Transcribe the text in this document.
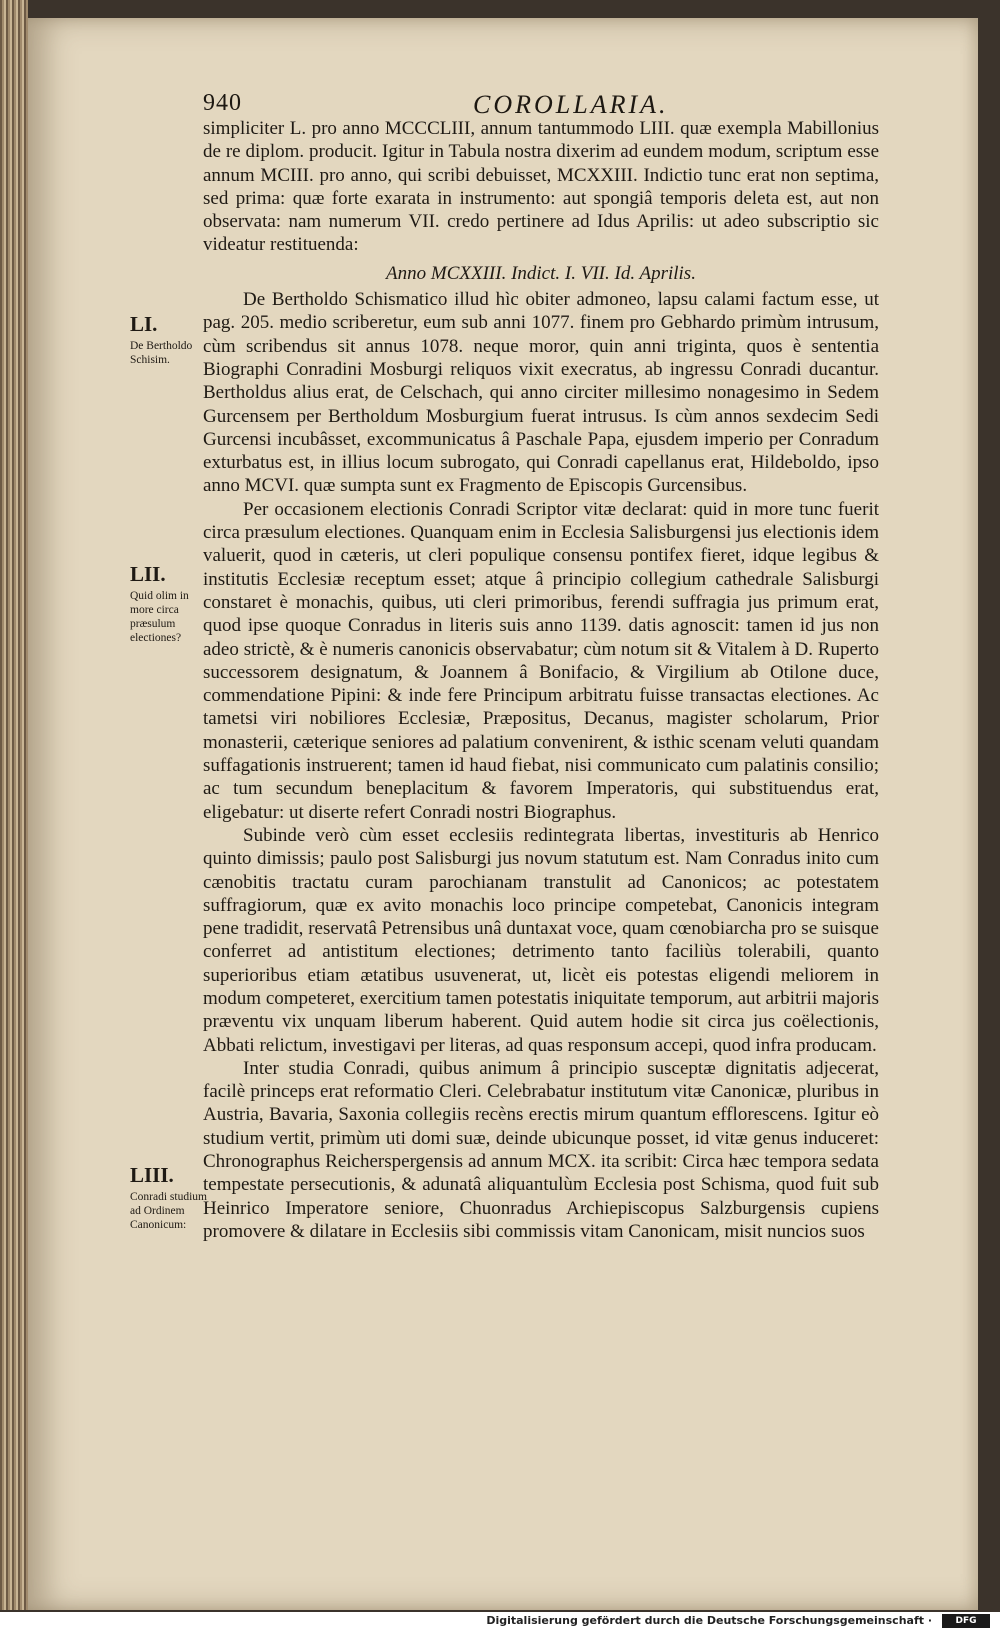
940	COROLLARIA.
LI.
De Bertholdo Schisim.
LII.
Quid olim in more circa præsulum electiones?
LIII.
Conradi studium ad Ordinem Canonicum:

simpliciter L. pro anno MCCCLIII, annum tantummodo LIII. quæ exempla Mabillonius de re diplom. producit. Igitur in Tabula nostra dixerim ad eundem modum, scriptum esse annum MCIII. pro anno, qui scribi debuisset, MCXXIII. Indictio tunc erat non septima, sed prima: quæ forte exarata in instrumento: aut spongiâ temporis deleta est, aut non observata: nam numerum VII. credo pertinere ad Idus Aprilis: ut adeo subscriptio sic videatur restituenda:

Anno MCXXIII. Indict. I. VII. Id. Aprilis.

De Bertholdo Schismatico illud hìc obiter admoneo, lapsu calami factum esse, ut pag. 205. medio scriberetur, eum sub anni 1077. finem pro Gebhardo primùm intrusum, cùm scribendus sit annus 1078. neque moror, quin anni triginta, quos è sententia Biographi Conradini Mosburgi reliquos vixit execratus, ab ingressu Conradi ducantur. Bertholdus alius erat, de Celschach, qui anno circiter millesimo nonagesimo in Sedem Gurcensem per Bertholdum Mosburgium fuerat intrusus. Is cùm annos sexdecim Sedi Gurcensi incubâsset, excommunicatus â Paschale Papa, ejusdem imperio per Conradum exturbatus est, in illius locum subrogato, qui Conradi capellanus erat, Hildeboldo, ipso anno MCVI. quæ sumpta sunt ex Fragmento de Episcopis Gurcensibus.

Per occasionem electionis Conradi Scriptor vitæ declarat: quid in more tunc fuerit circa præsulum electiones. Quanquam enim in Ecclesia Salisburgensi jus electionis idem valuerit, quod in cæteris, ut cleri populique consensu pontifex fieret, idque legibus & institutis Ecclesiæ receptum esset; atque â principio collegium cathedrale Salisburgi constaret è monachis, quibus, uti cleri primoribus, ferendi suffragia jus primum erat, quod ipse quoque Conradus in literis suis anno 1139. datis agnoscit: tamen id jus non adeo strictè, & è numeris canonicis observabatur; cùm notum sit & Vitalem à D. Ruperto successorem designatum, & Joannem â Bonifacio, & Virgilium ab Otilone duce, commendatione Pipini: & inde fere Principum arbitratu fuisse transactas electiones. Ac tametsi viri nobiliores Ecclesiæ, Præpositus, Decanus, magister scholarum, Prior monasterii, cæterique seniores ad palatium convenirent, & isthic scenam veluti quandam suffagationis instruerent; tamen id haud fiebat, nisi communicato cum palatinis consilio; ac tum secundum beneplacitum & favorem Imperatoris, qui substituendus erat, eligebatur: ut diserte refert Conradi nostri Biographus.

Subinde verò cùm esset ecclesiis redintegrata libertas, investituris ab Henrico quinto dimissis; paulo post Salisburgi jus novum statutum est. Nam Conradus inito cum cænobitis tractatu curam parochianam transtulit ad Canonicos; ac potestatem suffragiorum, quæ ex avito monachis loco principe competebat, Canonicis integram pene tradidit, reservatâ Petrensibus unâ duntaxat voce, quam cœnobiarcha pro se suisque conferret ad antistitum electiones; detrimento tanto faciliùs tolerabili, quanto superioribus etiam ætatibus usuvenerat, ut, licèt eis potestas eligendi meliorem in modum competeret, exercitium tamen potestatis iniquitate temporum, aut arbitrii majoris præventu vix unquam liberum haberent. Quid autem hodie sit circa jus coëlectionis, Abbati relictum, investigavi per literas, ad quas responsum accepi, quod infra producam.

Inter studia Conradi, quibus animum â principio susceptæ dignitatis adjecerat, facilè princeps erat reformatio Cleri. Celebrabatur institutum vitæ Canonicæ, pluribus in Austria, Bavaria, Saxonia collegiis recèns erectis mirum quantum efflorescens. Igitur eò studium vertit, primùm uti domi suæ, deinde ubicunque posset, id vitæ genus induceret: Chronographus Reicherspergensis ad annum MCX. ita scribit: Circa hæc tempora sedata tempestate persecutionis, & adunatâ aliquantulùm Ecclesia post Schisma, quod fuit sub Heinrico Imperatore seniore, Chuonradus Archiepiscopus Salzburgensis cupiens promovere & dilatare in Ecclesiis sibi commissis vitam Canonicam, misit nuncios suos

Digitalisierung gefördert durch die Deutsche Forschungsgemeinschaft ·	DFG
